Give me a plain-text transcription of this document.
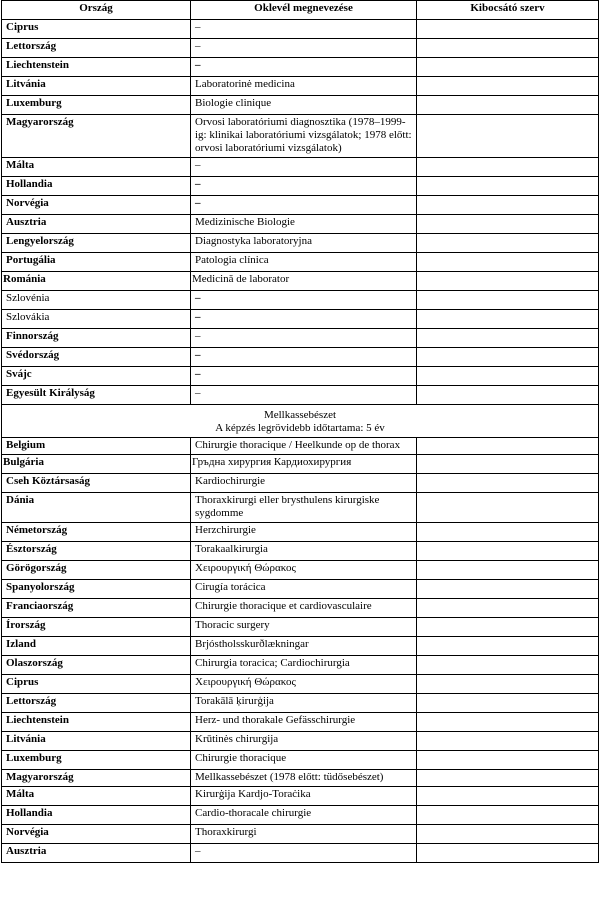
Ország	Oklevél megnevezése	Kibocsátó szerv
Ciprus	–	
Lettország	–	
Liechtenstein	–	
Litvánia	Laboratorinė medicina	
Luxemburg	Biologie clinique	
Magyarország	Orvosi laboratóriumi diagnosztika (1978–1999-ig: klinikai laboratóriumi vizsgálatok; 1978 előtt: orvosi laboratóriumi vizsgálatok)	
Málta	–	
Hollandia	–	
Norvégia	–	
Ausztria	Medizinische Biologie	
Lengyelország	Diagnostyka laboratoryjna	
Portugália	Patologia clínica	
Románia	Medicină de laborator	
Szlovénia	–	
Szlovákia	–	
Finnország	–	
Svédország	–	
Svájc	–	
Egyesült Királyság	–	

Mellkassebészet
A képzés legrövidebb időtartama: 5 év		

Belgium	Chirurgie thoracique / Heelkunde op de thorax	
Bulgária	Гръдна хирургия Кардиохирургия	
Cseh Köztársaság	Kardiochirurgie	
Dánia	Thoraxkirurgi eller brysthulens kirurgiske sygdomme	
Németország	Herzchirurgie	
Észtország	Torakaalkirurgia	
Görögország	Χειρουργική Θώρακος	
Spanyolország	Cirugía torácica	
Franciaország	Chirurgie thoracique et cardiovasculaire	
Írország	Thoracic surgery	
Izland	Brjóstholsskurðlækningar	
Olaszország	Chirurgia toracica; Cardiochirurgia	
Ciprus	Χειρουργική Θώρακος	
Lettország	Torakālā ķirurģija	
Liechtenstein	Herz- und thorakale Gefässchirurgie	
Litvánia	Krūtinės chirurgija	
Luxemburg	Chirurgie thoracique	
Magyarország	Mellkassebészet (1978 előtt: tüdősebészet)	
Málta	Kirurġija Kardjo-Toraċika	
Hollandia	Cardio-thoracale chirurgie	
Norvégia	Thoraxkirurgi	
Ausztria	–	
